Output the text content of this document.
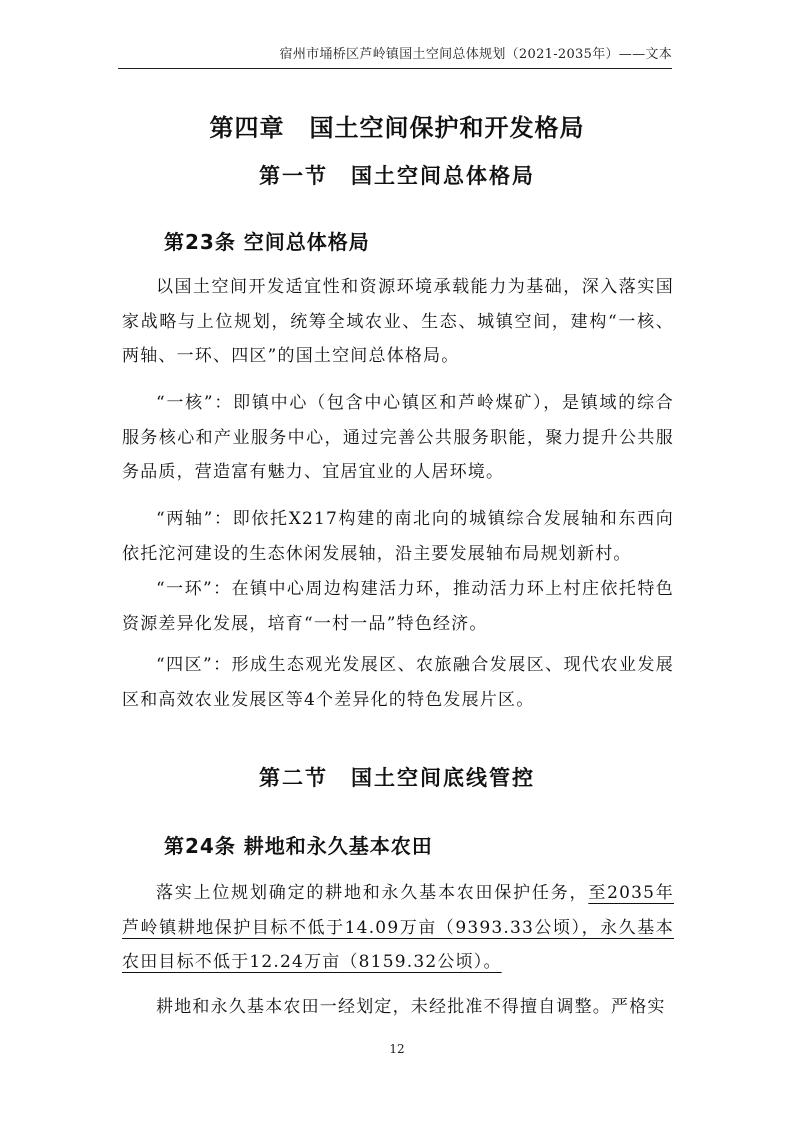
宿州市埇桥区芦岭镇国土空间总体规划（2021-2035年）——文本
第四章　国土空间保护和开发格局
第一节　国土空间总体格局
第23条 空间总体格局

以国土空间开发适宜性和资源环境承载能力为基础，深入落实国家战略与上位规划，统筹全域农业、生态、城镇空间，建构“一核、两轴、一环、四区”的国土空间总体格局。

“一核”：即镇中心（包含中心镇区和芦岭煤矿），是镇域的综合服务核心和产业服务中心，通过完善公共服务职能，聚力提升公共服务品质，营造富有魅力、宜居宜业的人居环境。

“两轴”：即依托X217构建的南北向的城镇综合发展轴和东西向依托沱河建设的生态休闲发展轴，沿主要发展轴布局规划新村。

“一环”：在镇中心周边构建活力环，推动活力环上村庄依托特色资源差异化发展，培育“一村一品”特色经济。

“四区”：形成生态观光发展区、农旅融合发展区、现代农业发展区和高效农业发展区等4个差异化的特色发展片区。

第二节　国土空间底线管控
第24条 耕地和永久基本农田

落实上位规划确定的耕地和永久基本农田保护任务，至2035年芦岭镇耕地保护目标不低于14.09万亩（9393.33公顷），永久基本农田目标不低于12.24万亩（8159.32公顷）。

耕地和永久基本农田一经划定，未经批准不得擅自调整。严格实

12
